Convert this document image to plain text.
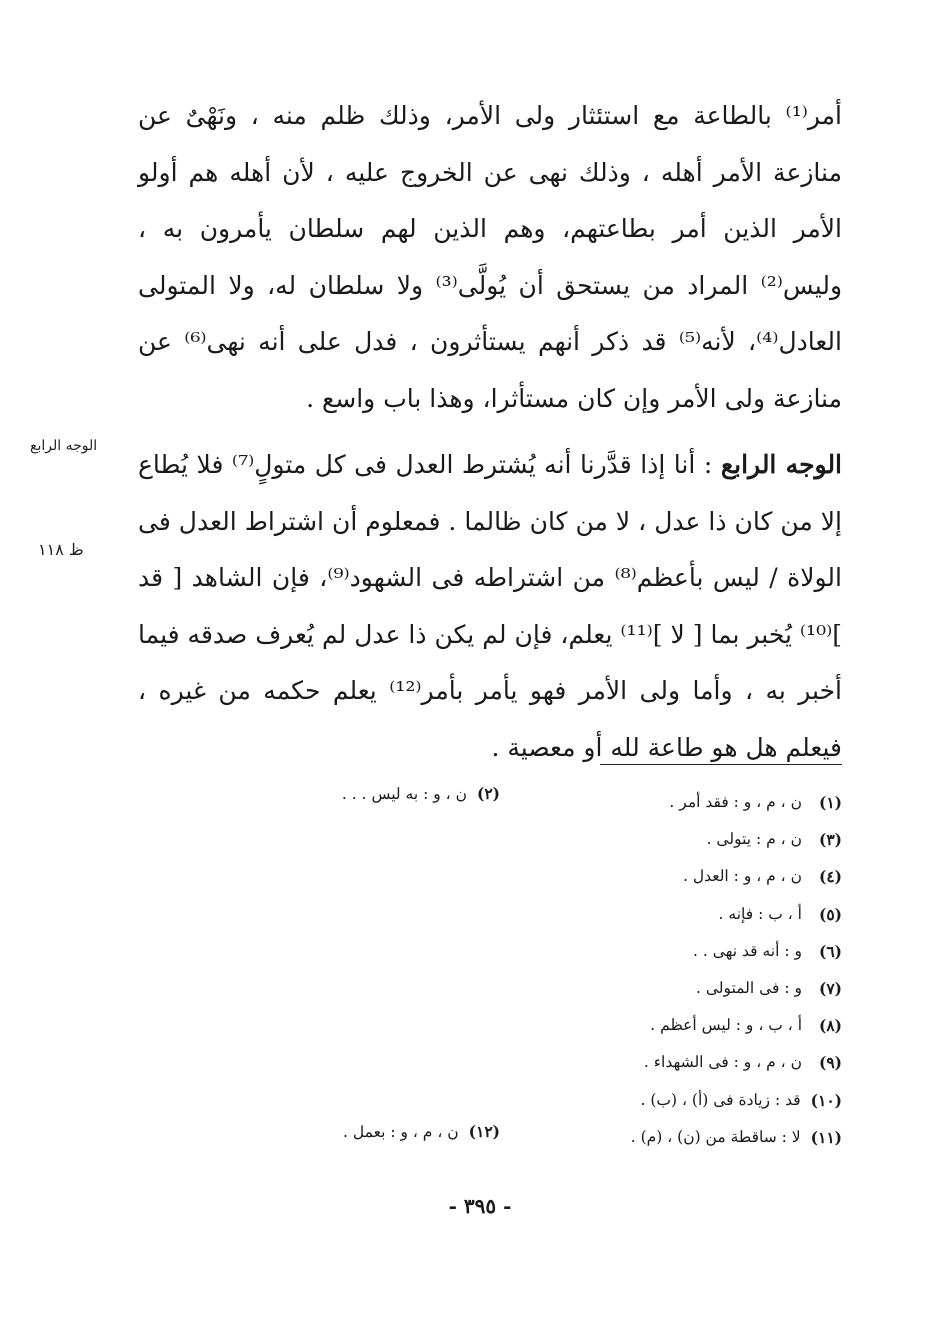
أمر⁽¹⁾ بالطاعة مع استئثار ولى الأمر، وذلك ظلم منه ، ونَهْىٌ عن منازعة الأمر أهله ، وذلك نهى عن الخروج عليه ، لأن أهله هم أولو الأمر الذين أمر بطاعتهم، وهم الذين لهم سلطان يأمرون به ، وليس⁽²⁾ المراد من يستحق أن يُولَّى⁽³⁾ ولا سلطان له، ولا المتولى العادل⁽⁴⁾، لأنه⁽⁵⁾ قد ذكر أنهم يستأثرون ، فدل على أنه نهى⁽⁶⁾ عن منازعة ولى الأمر وإن كان مستأثرا، وهذا باب واسع .

الوجه الرابع : أنا إذا قدَّرنا أنه يُشترط العدل فى كل متولٍ⁽⁷⁾ فلا يُطاع إلا من كان ذا عدل ، لا من كان ظالما . فمعلوم أن اشتراط العدل فى الولاة / ليس بأعظم⁽⁸⁾ من اشتراطه فى الشهود⁽⁹⁾، فإن الشاهد [ قد ]⁽¹⁰⁾ يُخبر بما [ لا ]⁽¹¹⁾ يعلم، فإن لم يكن ذا عدل لم يُعرف صدقه فيما أخبر به ، وأما ولى الأمر فهو يأمر بأمر⁽¹²⁾ يعلم حكمه من غيره ، فيعلم هل هو طاعة لله أو معصية .

الوجه الرابع
ظ ١١٨
(١)
ن ، م ، و : فقد أمر .
(٣)
ن ، م : يتولى .
(٤)
ن ، م ، و : العدل .
(٥)
أ ، ب : فإنه .
(٦)
و : أنه قد نهى . .
(٧)
و : فى المتولى .
(٨)
أ ، ب ، و : ليس أعظم .
(٩)
ن ، م ، و : فى الشهداء .
(١٠)
قد : زيادة فى (أ) ، (ب) .
(١١)
لا : ساقطة من (ن) ، (م) .
(٢)ن ، و : به ليس . . .
(١٢)ن ، م ، و : بعمل .
- ٣٩٥ -
